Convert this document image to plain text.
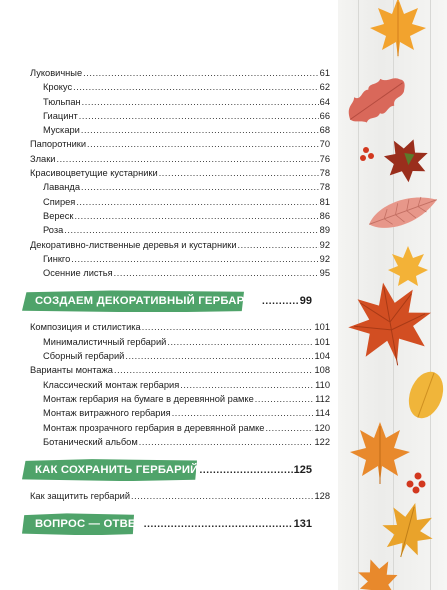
Луковичные .....	61
Крокус .....	62
Тюльпан .....	64
Гиацинт .....	66
Мускари .....	68
Папоротники .....	70
Злаки .....	76
Красивоцветущие кустарники .....	78
Лаванда .....	78
Спирея .....	81
Вереск .....	86
Роза .....	89
Декоративно-лиственные деревья и кустарники .....	92
Гинкго .....	92
Осенние листья .....	95
СОЗДАЕМ ДЕКОРАТИВНЫЙ ГЕРБАРИЙ .....	99
Композиция и стилистика .....	101
Минималистичный гербарий .....	101
Сборный гербарий .....	104
Варианты монтажа .....	108
Классический монтаж гербария .....	110
Монтаж гербария на бумаге в деревянной рамке .....	112
Монтаж витражного гербария .....	114
Монтаж прозрачного гербария в деревянной рамке .....	120
Ботанический альбом .....	122
КАК СОХРАНИТЬ ГЕРБАРИЙ .....	125
Как защитить гербарий .....	128
ВОПРОС — ОТВЕТ .....	131
